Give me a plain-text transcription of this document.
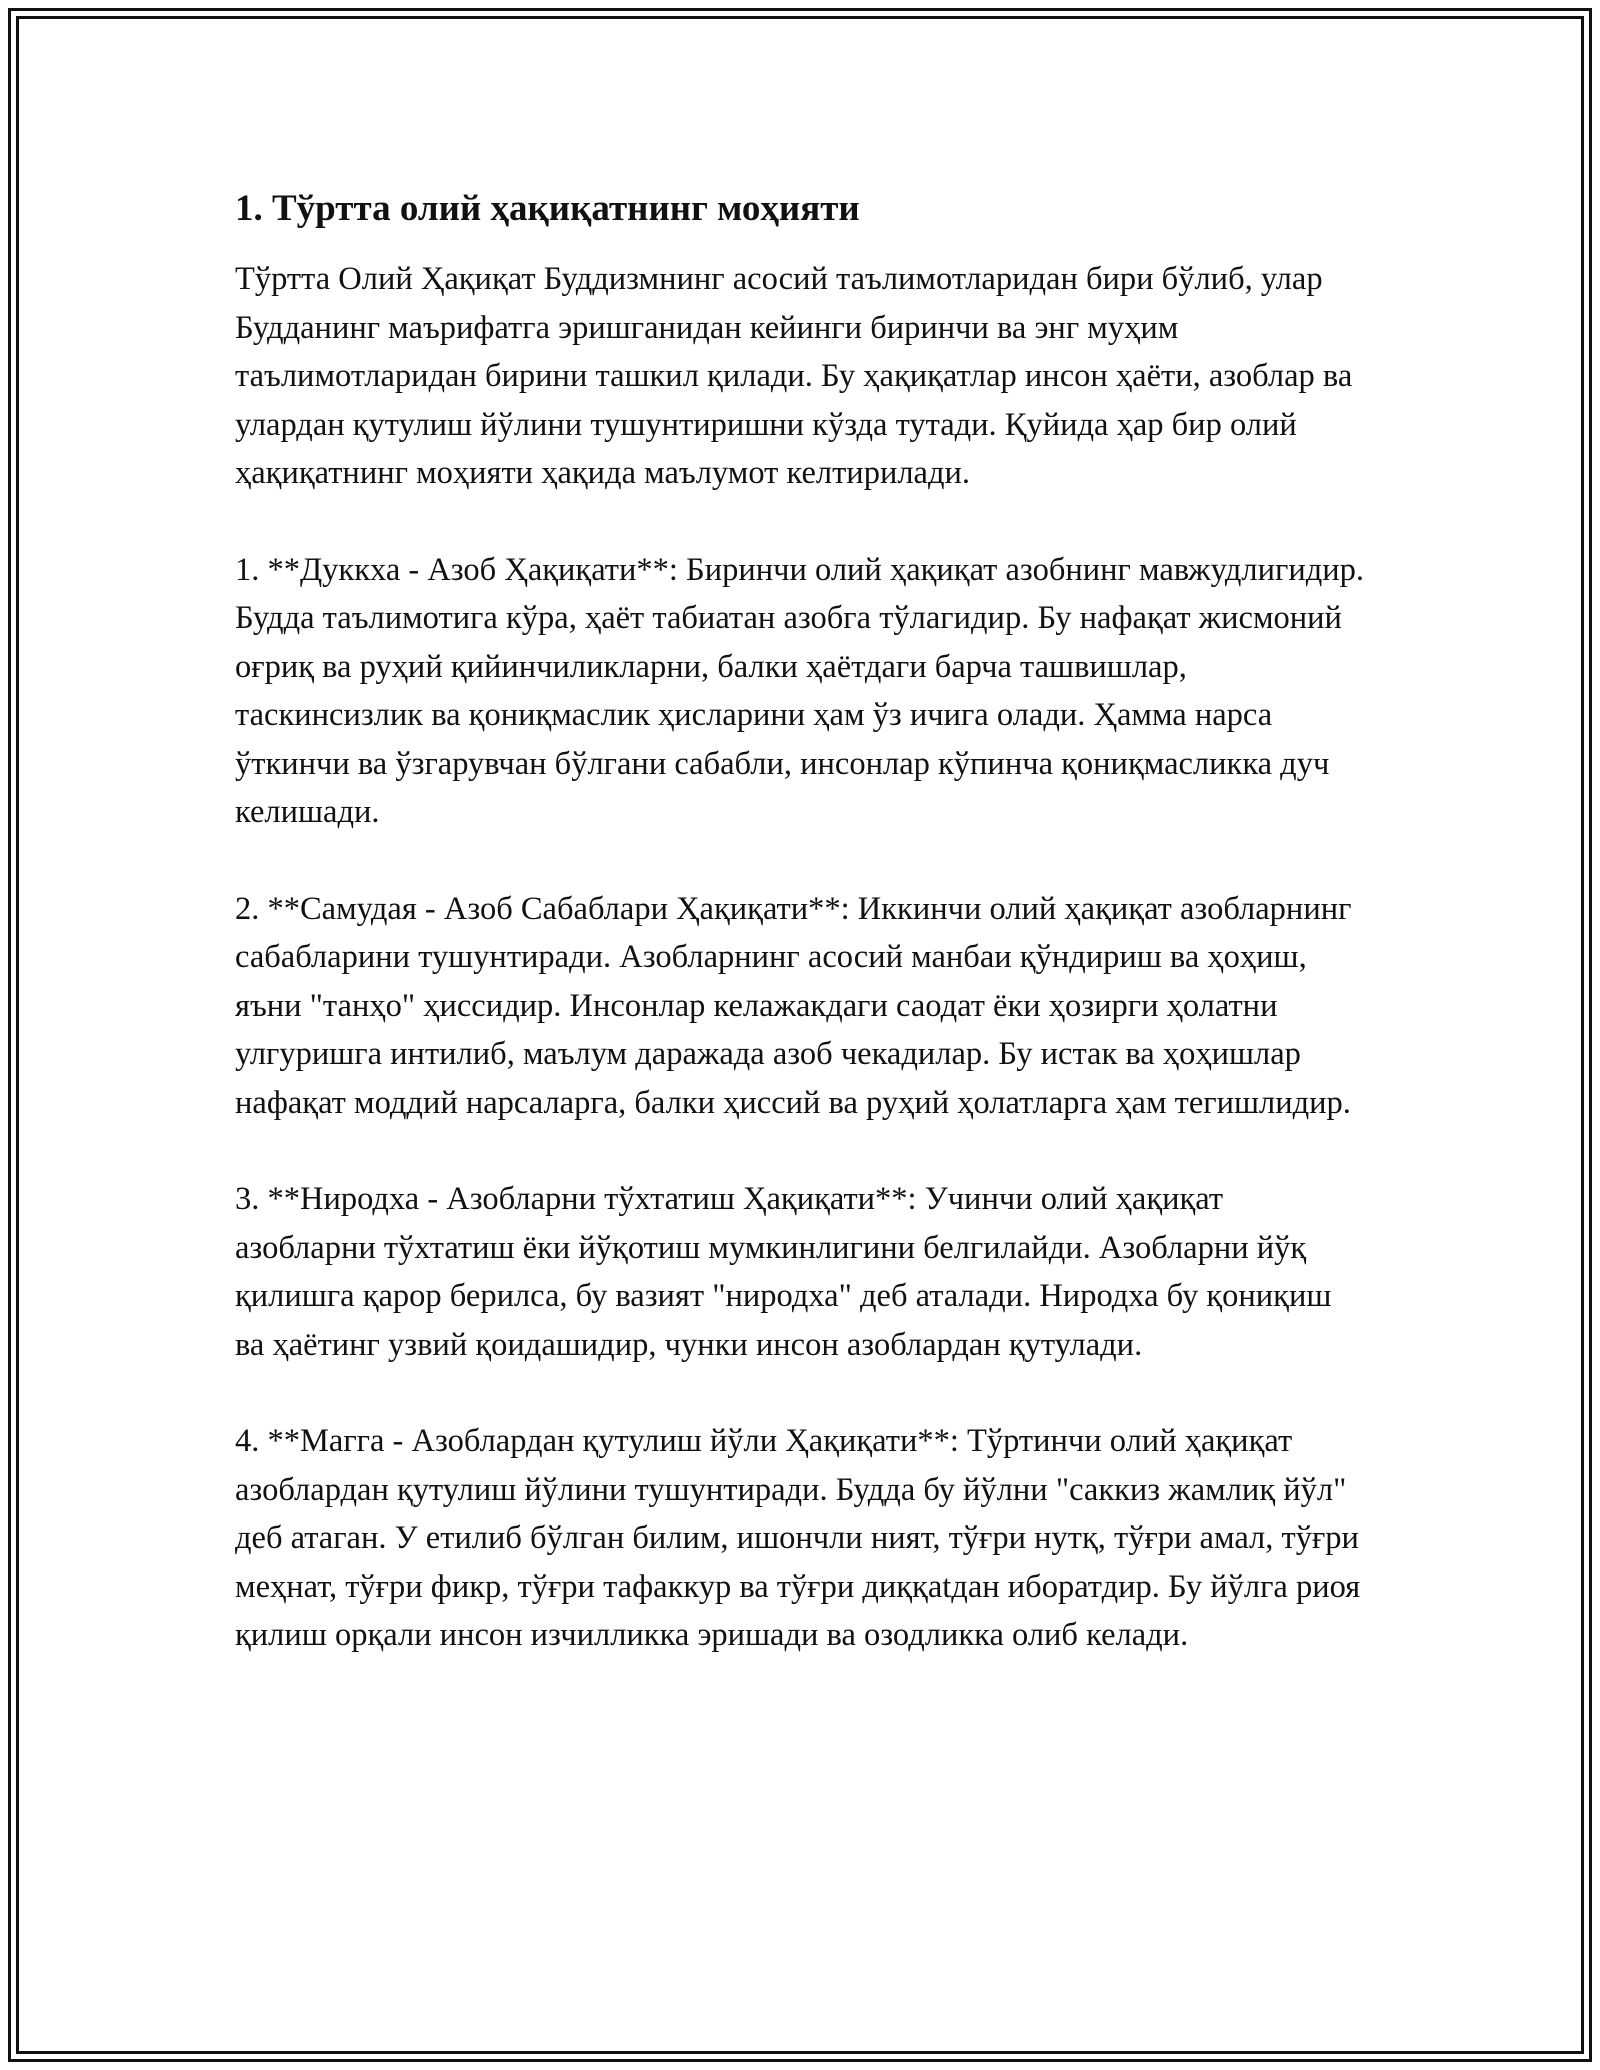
1. Тўртта олий ҳақиқатнинг моҳияти

Тўртта Олий Ҳақиқат Буддизмнинг асосий таълимотларидан бири бўлиб, улар Будданинг маърифатга эришганидан кейинги биринчи ва энг муҳим таълимотларидан бирини ташкил қилади. Бу ҳақиқатлар инсон ҳаёти, азоблар ва улардан қутулиш йўлини тушунтиришни кўзда тутади. Қуйида ҳар бир олий ҳақиқатнинг моҳияти ҳақида маълумот келтирилади.

1. **Дуккха - Азоб Ҳақиқати**: Биринчи олий ҳақиқат азобнинг мавжудлигидир. Будда таълимотига кўра, ҳаёт табиатан азобга тўлагидир. Бу нафақат жисмоний оғриқ ва руҳий қийинчиликларни, балки ҳаётдаги барча ташвишлар, таскинсизлик ва қониқмаслик ҳисларини ҳам ўз ичига олади. Ҳамма нарса ўткинчи ва ўзгарувчан бўлгани сабабли, инсонлар кўпинча қониқмасликка дуч келишади.

2. **Самудая - Азоб Сабаблари Ҳақиқати**: Иккинчи олий ҳақиқат азобларнинг сабабларини тушунтиради. Азобларнинг асосий манбаи қўндириш ва ҳоҳиш, яъни "танҳо" ҳиссидир. Инсонлар келажакдаги саодат ёки ҳозирги ҳолатни улгуришга интилиб, маълум даражада азоб чекадилар. Бу истак ва ҳоҳишлар нафақат моддий нарсаларга, балки ҳиссий ва руҳий ҳолатларга ҳам тегишлидир.

3. **Ниродха - Азобларни тўхтатиш Ҳақиқати**: Учинчи олий ҳақиқат азобларни тўхтатиш ёки йўқотиш мумкинлигини белгилайди. Азобларни йўқ қилишга қарор берилса, бу вазият "ниродха" деб аталади. Ниродха бу қониқиш ва ҳаётинг узвий қоидашидир, чунки инсон азоблардан қутулади.

4. **Магга - Азоблардан қутулиш йўли Ҳақиқати**: Тўртинчи олий ҳақиқат азоблардан қутулиш йўлини тушунтиради. Будда бу йўлни "саккиз жамлиқ йўл" деб атаган. У етилиб бўлган билим, ишончли ният, тўғри нутқ, тўғри амал, тўғри меҳнат, тўғри фикр, тўғри тафаккур ва тўғри диққatдан иборатдир. Бу йўлга риоя қилиш орқали инсон изчилликка эришади ва озодликка олиб келади.
